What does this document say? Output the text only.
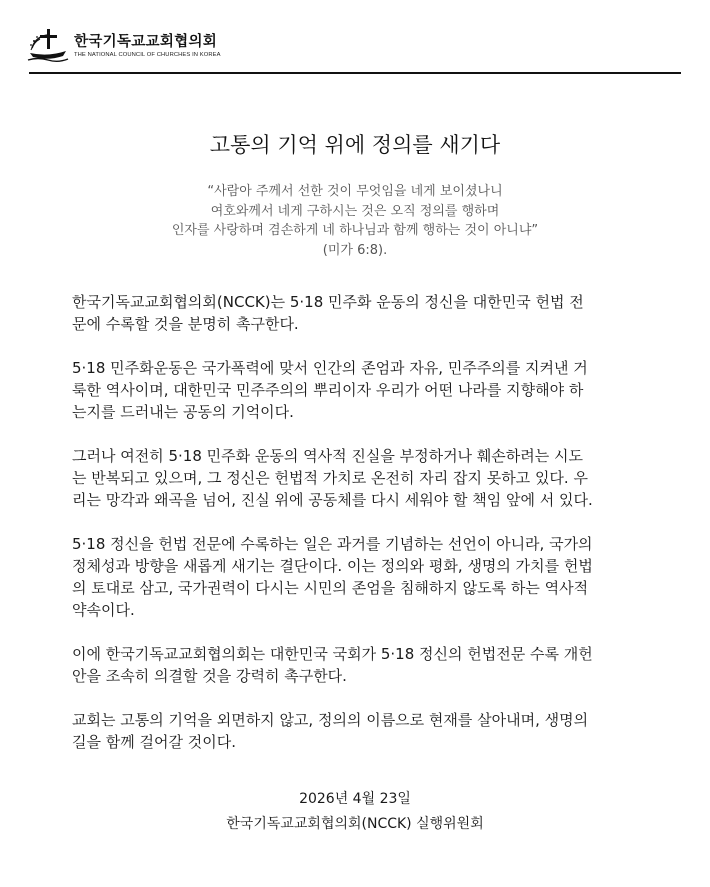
한국기독교교회협의회
THE NATIONAL COUNCIL OF CHURCHES IN KOREA
고통의 기억 위에 정의를 새기다

“사람아 주께서 선한 것이 무엇임을 네게 보이셨나니

여호와께서 네게 구하시는 것은 오직 정의를 행하며

인자를 사랑하며 겸손하게 네 하나님과 함께 행하는 것이 아니냐”

(미가 6:8).

한국기독교교회협의회(NCCK)는 5·18 민주화 운동의 정신을 대한민국 헌법 전
문에 수록할 것을 분명히 촉구한다.
5·18 민주화운동은 국가폭력에 맞서 인간의 존엄과 자유, 민주주의를 지켜낸 거
룩한 역사이며, 대한민국 민주주의의 뿌리이자 우리가 어떤 나라를 지향해야 하
는지를 드러내는 공동의 기억이다.
그러나 여전히 5·18 민주화 운동의 역사적 진실을 부정하거나 훼손하려는 시도
는 반복되고 있으며, 그 정신은 헌법적 가치로 온전히 자리 잡지 못하고 있다. 우
리는 망각과 왜곡을 넘어, 진실 위에 공동체를 다시 세워야 할 책임 앞에 서 있다.
5·18 정신을 헌법 전문에 수록하는 일은 과거를 기념하는 선언이 아니라, 국가의
정체성과 방향을 새롭게 새기는 결단이다. 이는 정의와 평화, 생명의 가치를 헌법
의 토대로 삼고, 국가권력이 다시는 시민의 존엄을 침해하지 않도록 하는 역사적
약속이다.
이에 한국기독교교회협의회는 대한민국 국회가 5·18 정신의 헌법전문 수록 개헌
안을 조속히 의결할 것을 강력히 촉구한다.
교회는 고통의 기억을 외면하지 않고, 정의의 이름으로 현재를 살아내며, 생명의
길을 함께 걸어갈 것이다.
2026년 4월 23일
한국기독교교회협의회(NCCK) 실행위원회
